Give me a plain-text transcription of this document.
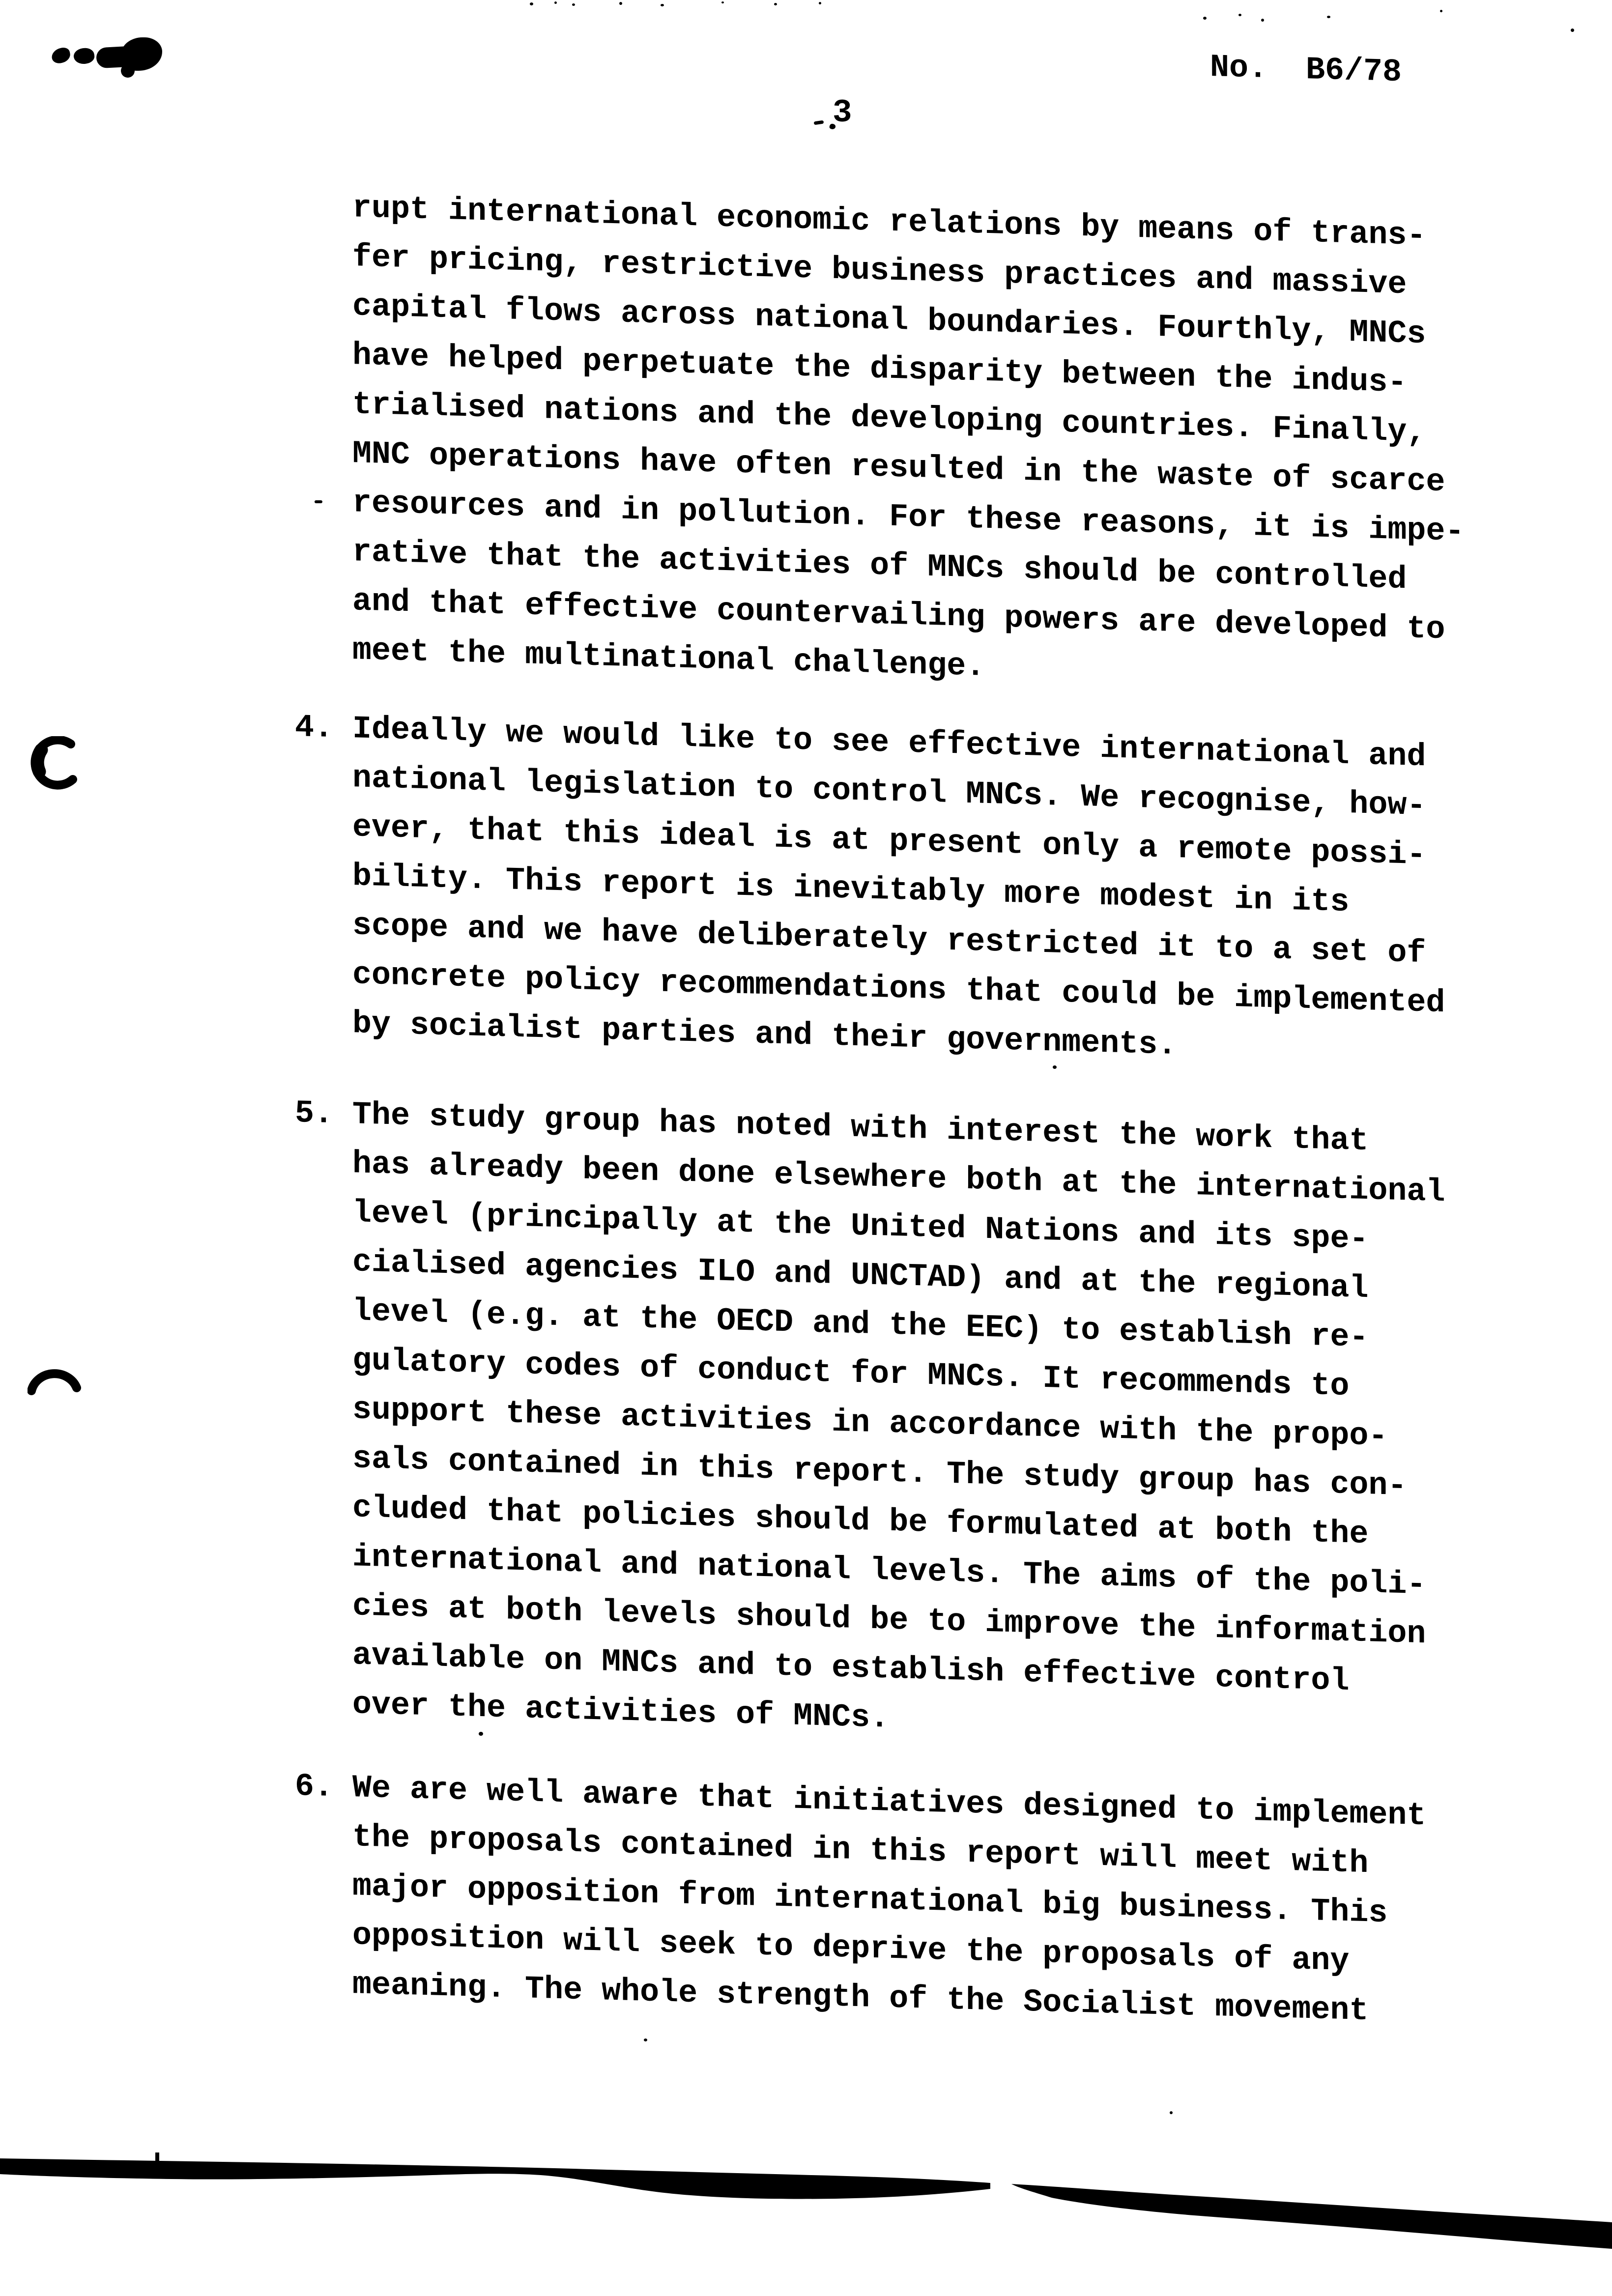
No.  B6/78
3

rupt international economic relations by means of trans-
fer pricing, restrictive business practices and massive
capital flows across national boundaries. Fourthly, MNCs
have helped perpetuate the disparity between the indus-
trialised nations and the developing countries. Finally,
MNC operations have often resulted in the waste of scarce
resources and in pollution. For these reasons, it is impe-
rative that the activities of MNCs should be controlled
and that effective countervailing powers are developed to
meet the multinational challenge.

4. Ideally we would like to see effective international and
national legislation to control MNCs. We recognise, how-
ever, that this ideal is at present only a remote possi-
bility. This report is inevitably more modest in its
scope and we have deliberately restricted it to a set of
concrete policy recommendations that could be implemented
by socialist parties and their governments.

5. The study group has noted with interest the work that
has already been done elsewhere both at the international
level (principally at the United Nations and its spe-
cialised agencies ILO and UNCTAD) and at the regional
level (e.g. at the OECD and the EEC) to establish re-
gulatory codes of conduct for MNCs. It recommends to
support these activities in accordance with the propo-
sals contained in this report. The study group has con-
cluded that policies should be formulated at both the
international and national levels. The aims of the poli-
cies at both levels should be to improve the information
available on MNCs and to establish effective control
over the activities of MNCs.

6. We are well aware that initiatives designed to implement
the proposals contained in this report will meet with
major opposition from international big business. This
opposition will seek to deprive the proposals of any
meaning. The whole strength of the Socialist movement
